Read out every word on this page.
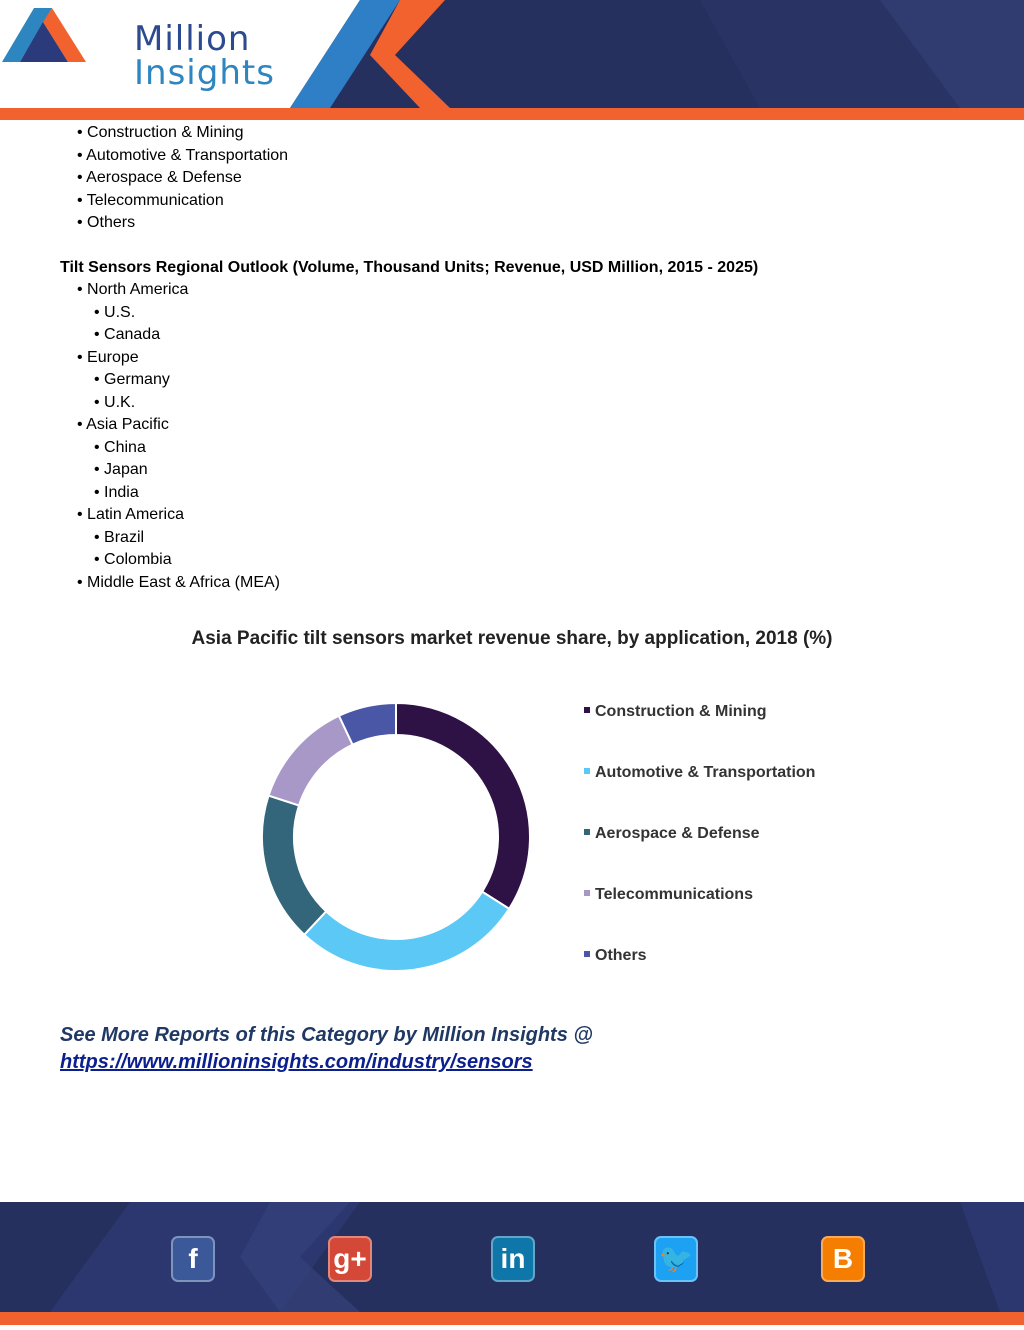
Million
Insights
• Construction & Mining
• Automotive & Transportation
• Aerospace & Defense
• Telecommunication
• Others
Tilt Sensors Regional Outlook (Volume, Thousand Units; Revenue, USD Million, 2015 - 2025)
• North America
• U.S.
• Canada
• Europe
• Germany
• U.K.
• Asia Pacific
• China
• Japan
• India
• Latin America
• Brazil
• Colombia
• Middle East & Africa (MEA)
Asia Pacific tilt sensors market revenue share, by application, 2018 (%)
Construction & Mining
Automotive & Transportation
Aerospace & Defense
Telecommunications
Others
See More Reports of this Category by Million Insights @
https://www.millioninsights.com/industry/sensors
f	g+	in	🐦	B
